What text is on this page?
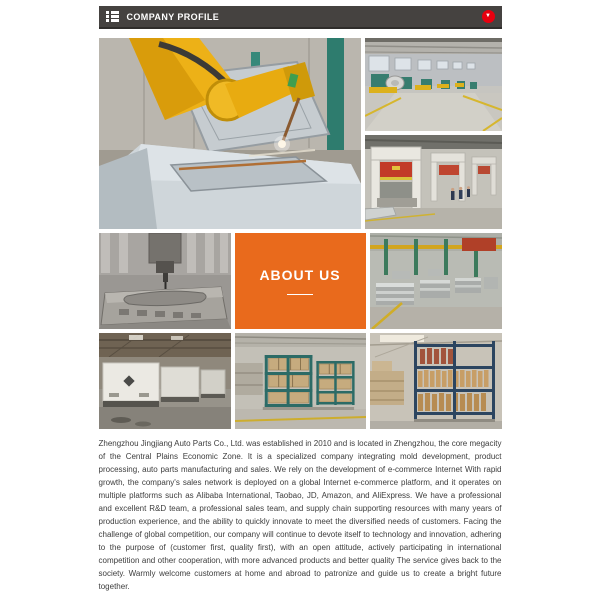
COMPANY PROFILE	▼
ABOUT US

Zhengzhou Jingjiang Auto Parts Co., Ltd. was established in 2010 and is located in Zhengzhou, the core megacity of the Central Plains Economic Zone. It is a specialized company integrating mold development, product processing, auto parts manufacturing and sales. We rely on the development of e-commerce Internet With rapid growth, the company's sales network is deployed on a global Internet e-commerce platform, and it operates on multiple platforms such as Alibaba International, Taobao, JD, Amazon, and AliExpress. We have a professional and excellent R&D team, a professional sales team, and supply chain supporting resources with many years of production experience, and the ability to quickly innovate to meet the diversified needs of customers. Facing the challenge of global competition, our company will continue to devote itself to technology and innovation, adhering to the purpose of (customer first, quality first), with an open attitude, actively participating in international competition and other cooperation, with more advanced products and better quality The service gives back to the society. Warmly welcome customers at home and abroad to patronize and guide us to create a bright future together.
